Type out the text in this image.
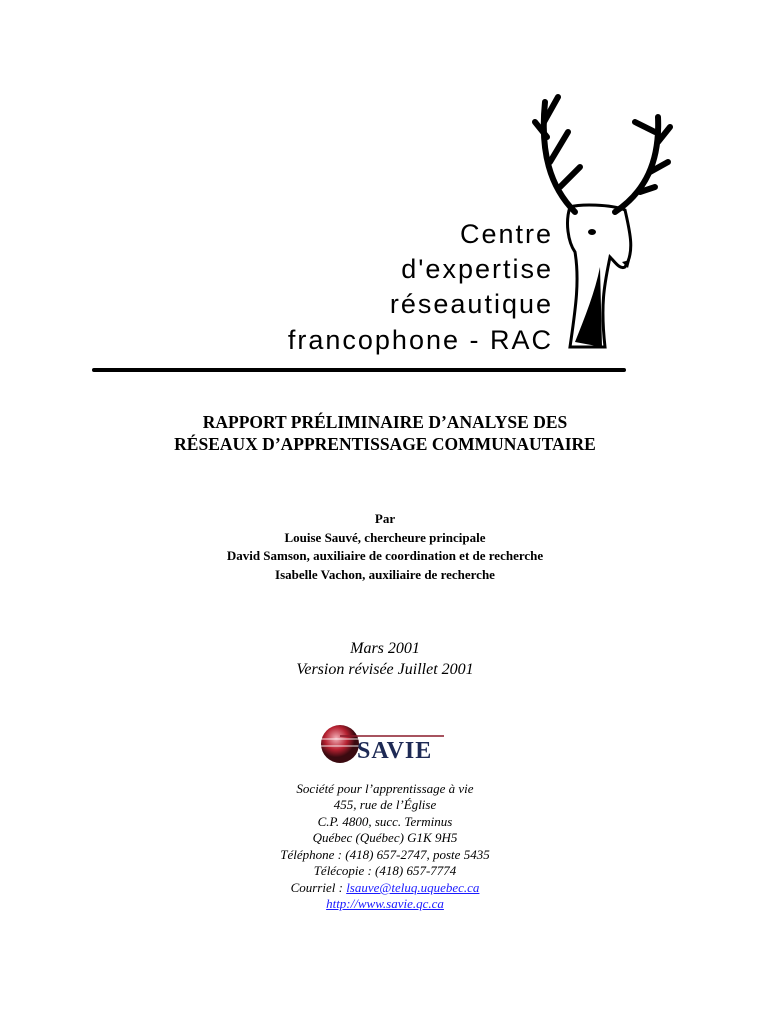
Centre
d'expertise
réseautique
francophone - RAC
RAPPORT PRÉLIMINAIRE D’ANALYSE DES
RÉSEAUX D’APPRENTISSAGE COMMUNAUTAIRE
Par
Louise Sauvé, chercheure principale
David Samson, auxiliaire de coordination et de recherche
Isabelle Vachon, auxiliaire de recherche
Mars 2001
Version révisée Juillet 2001
SAVIE
Société pour l’apprentissage à vie
455, rue de l’Église
C.P. 4800, succ. Terminus
Québec (Québec) G1K 9H5
Téléphone : (418) 657-2747, poste 5435
Télécopie : (418) 657-7774
Courriel : lsauve@teluq.uquebec.ca
http://www.savie.qc.ca
